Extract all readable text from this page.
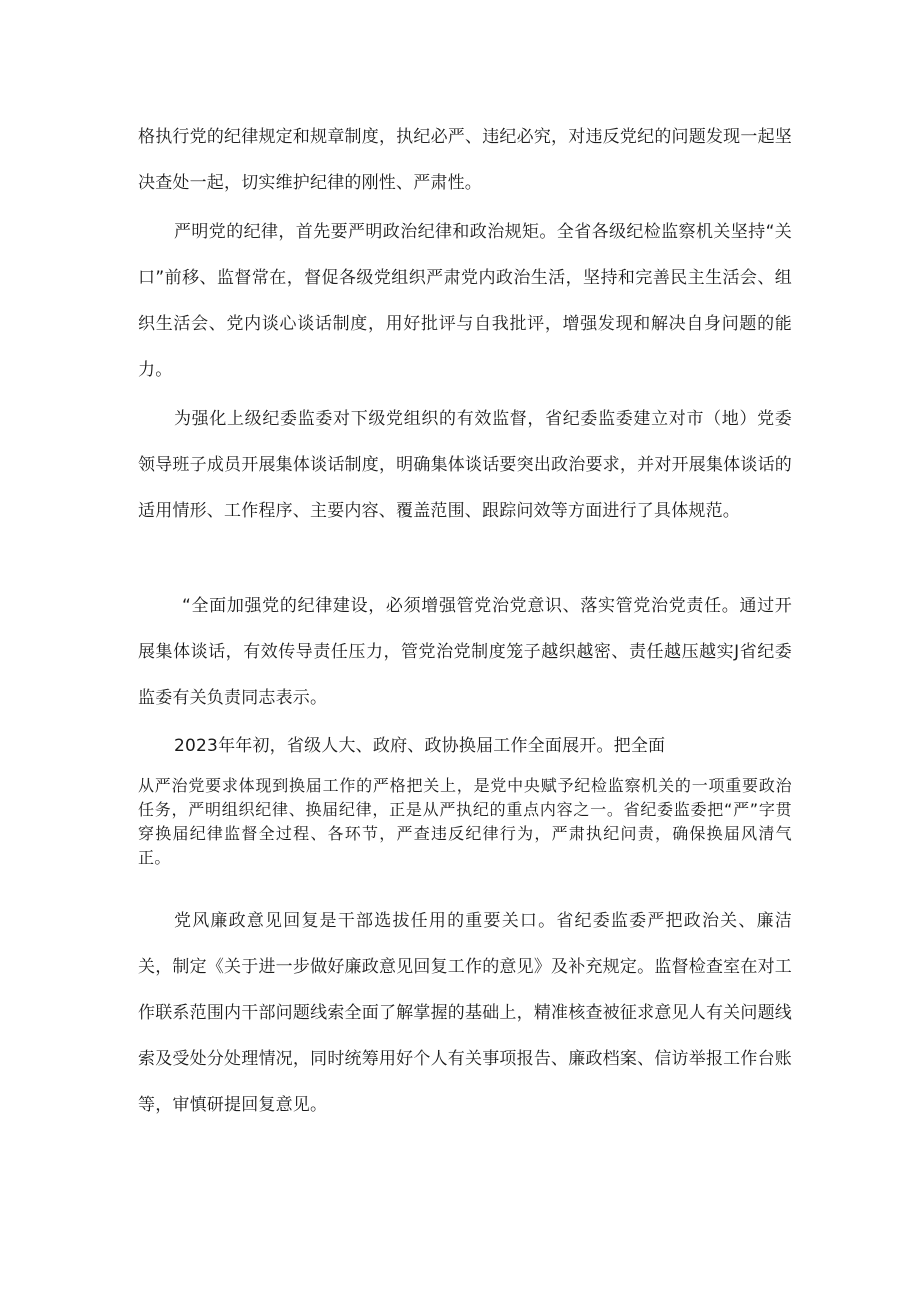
格执行党的纪律规定和规章制度，执纪必严、违纪必究，对违反党纪的问题发现一起坚决查处一起，切实维护纪律的刚性、严肃性。

严明党的纪律，首先要严明政治纪律和政治规矩。全省各级纪检监察机关坚持“关口”前移、监督常在，督促各级党组织严肃党内政治生活，坚持和完善民主生活会、组织生活会、党内谈心谈话制度，用好批评与自我批评，增强发现和解决自身问题的能力。

为强化上级纪委监委对下级党组织的有效监督，省纪委监委建立对市（地）党委领导班子成员开展集体谈话制度，明确集体谈话要突出政治要求，并对开展集体谈话的适用情形、工作程序、主要内容、覆盖范围、跟踪问效等方面进行了具体规范。

“全面加强党的纪律建设，必须增强管党治党意识、落实管党治党责任。通过开展集体谈话，有效传导责任压力，管党治党制度笼子越织越密、责任越压越实J省纪委监委有关负责同志表示。

2023年年初，省级人大、政府、政协换届工作全面展开。把全面

从严治党要求体现到换届工作的严格把关上，是党中央赋予纪检监察机关的一项重要政治任务，严明组织纪律、换届纪律，正是从严执纪的重点内容之一。省纪委监委把“严”字贯穿换届纪律监督全过程、各环节，严查违反纪律行为，严肃执纪问责，确保换届风清气正。

党风廉政意见回复是干部选拔任用的重要关口。省纪委监委严把政治关、廉洁关，制定《关于进一步做好廉政意见回复工作的意见》及补充规定。监督检查室在对工作联系范围内干部问题线索全面了解掌握的基础上，精准核查被征求意见人有关问题线索及受处分处理情况，同时统筹用好个人有关事项报告、廉政档案、信访举报工作台账等，审慎研提回复意见。
